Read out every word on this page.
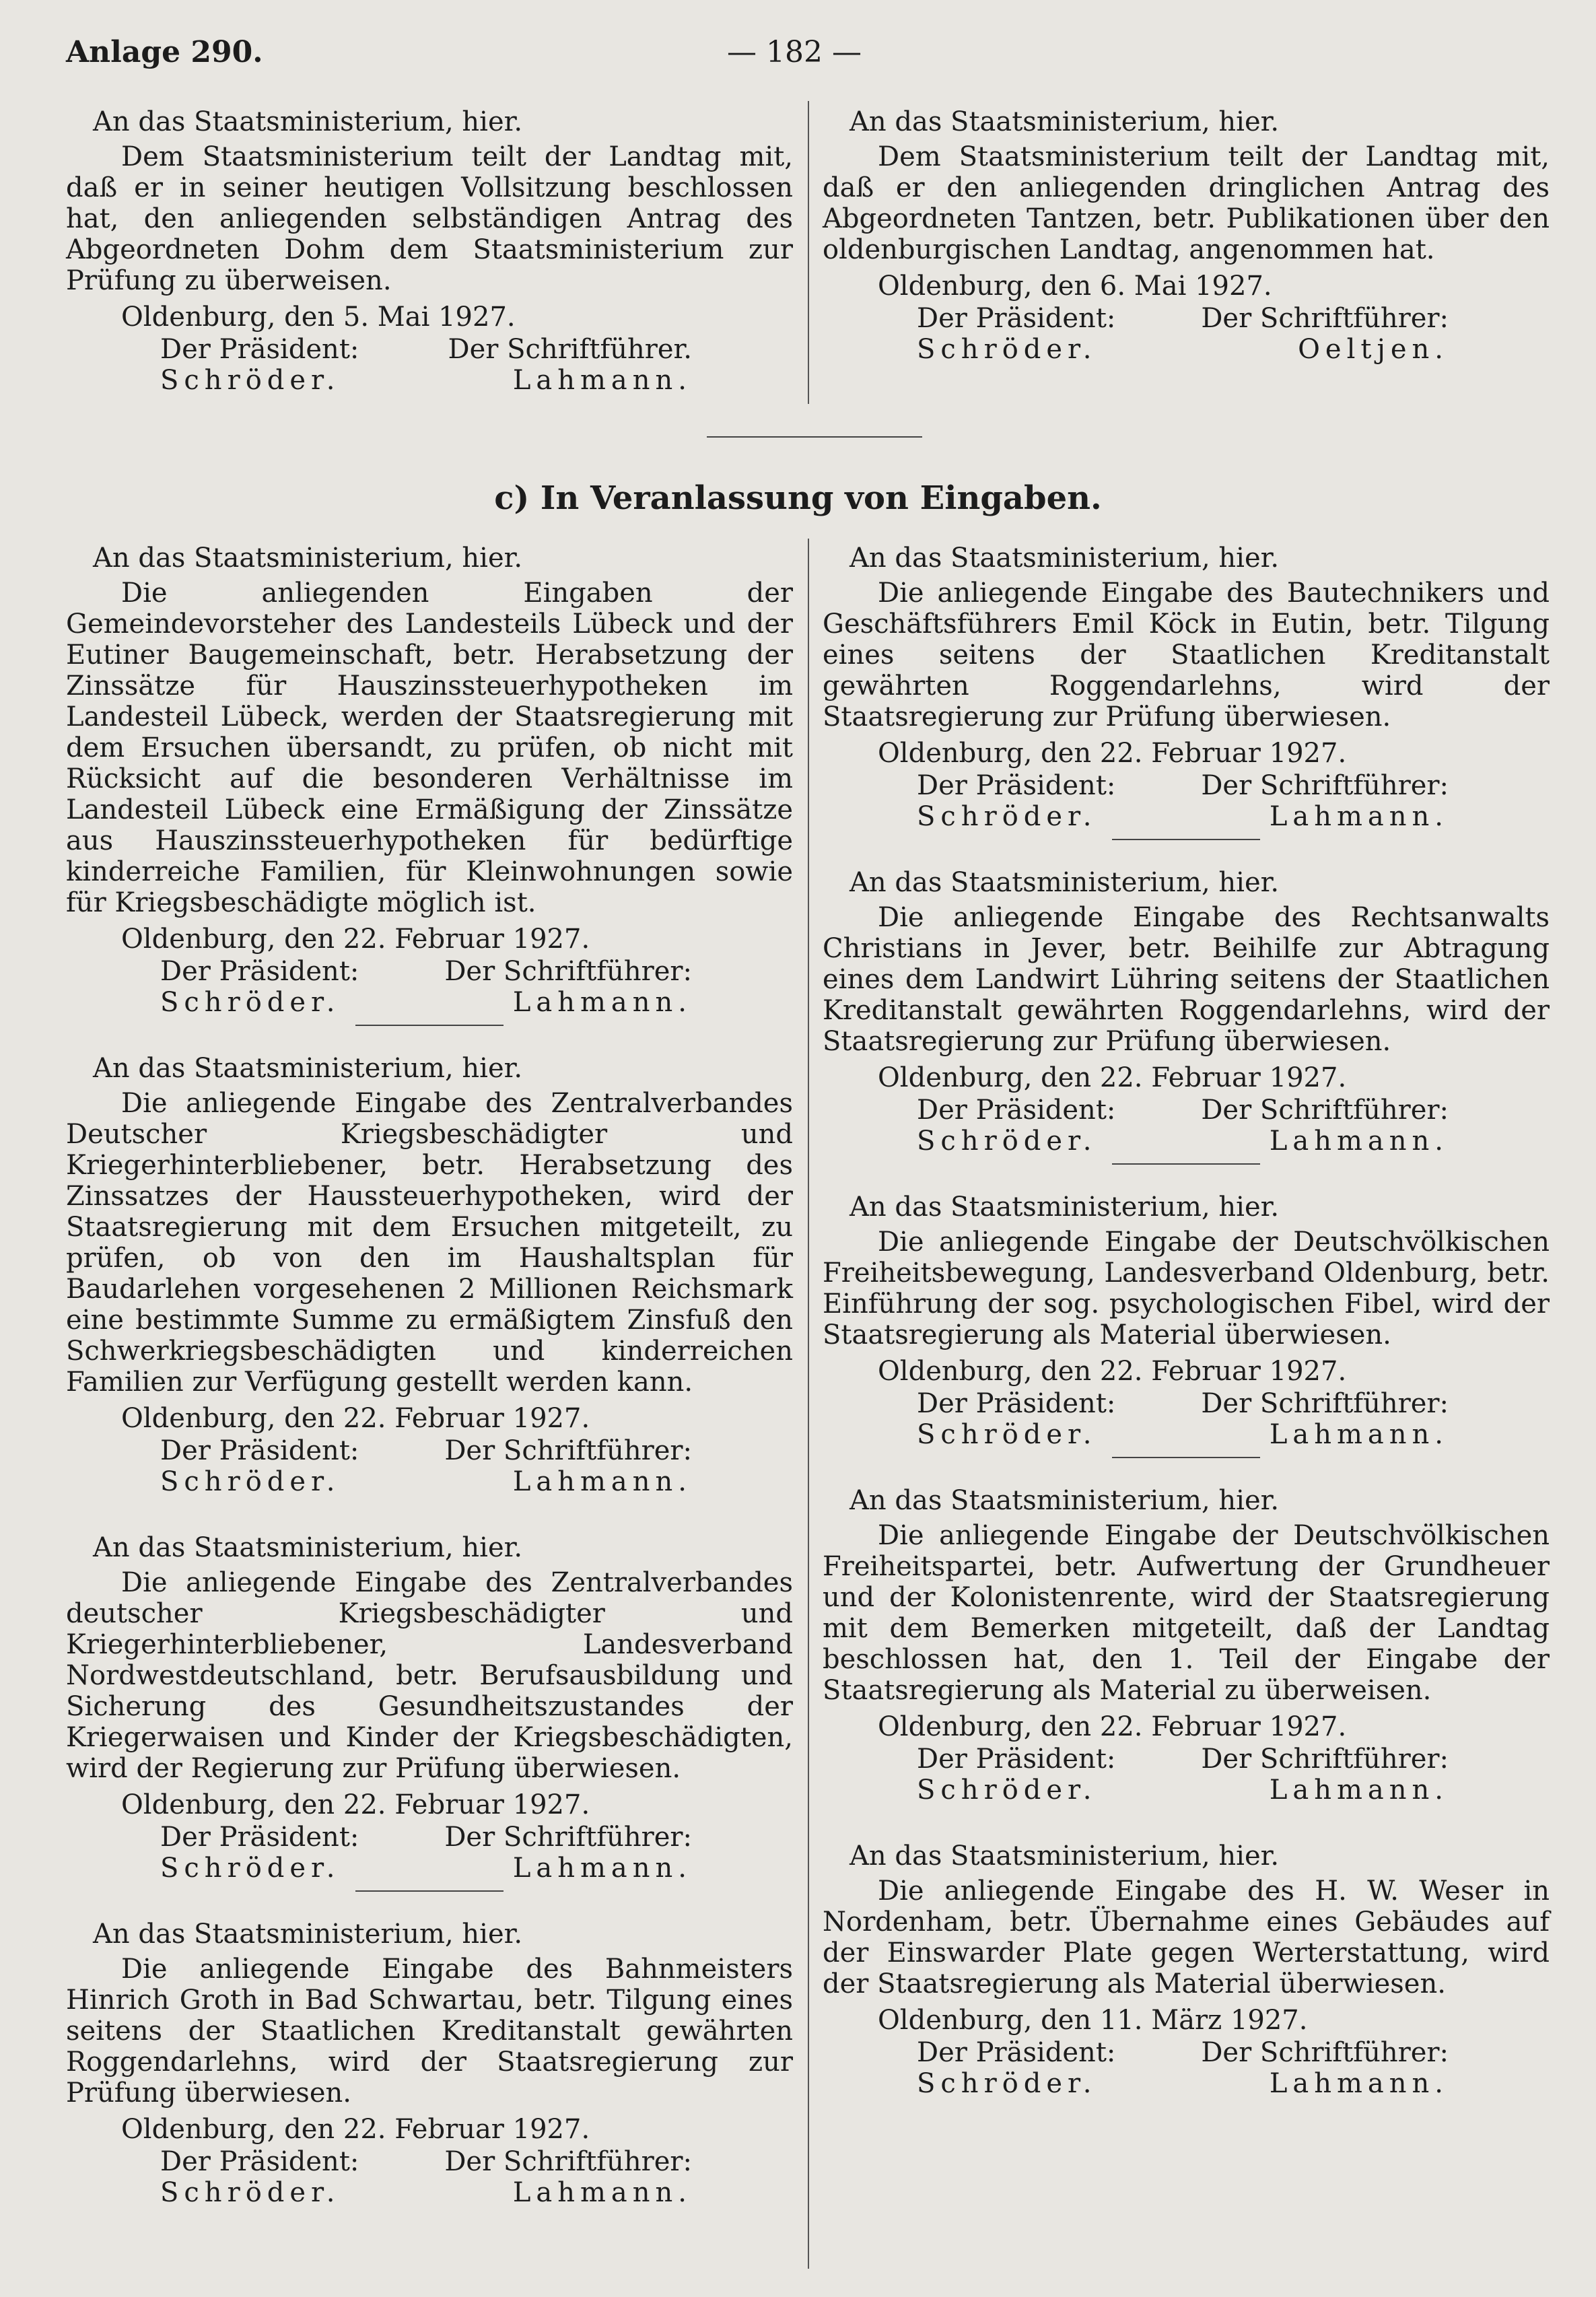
Anlage 290.	— 182 —

An das Staatsministerium, hier.

Dem Staatsministerium teilt der Landtag mit, daß er in seiner heutigen Vollsitzung beschlossen hat, den anliegenden selbständigen Antrag des Abgeordneten Dohm dem Staatsministerium zur Prüfung zu überweisen.

Oldenburg, den 5. Mai 1927.

Der Präsident:	Der Schriftführer.
Schröder.	Lahmann.

An das Staatsministerium, hier.

Dem Staatsministerium teilt der Landtag mit, daß er den anliegenden dringlichen Antrag des Abgeordneten Tantzen, betr. Publikationen über den oldenburgischen Landtag, angenommen hat.

Oldenburg, den 6. Mai 1927.

Der Präsident:	Der Schriftführer:
Schröder.	Oeltjen.
c) In Veranlassung von Eingaben.

An das Staatsministerium, hier.

Die anliegenden Eingaben der Gemeindevorsteher des Landesteils Lübeck und der Eutiner Baugemeinschaft, betr. Herabsetzung der Zinssätze für Hauszinssteuerhypotheken im Landesteil Lübeck, werden der Staatsregierung mit dem Ersuchen übersandt, zu prüfen, ob nicht mit Rücksicht auf die besonderen Verhältnisse im Landesteil Lübeck eine Ermäßigung der Zinssätze aus Hauszinssteuerhypotheken für bedürftige kinderreiche Familien, für Kleinwohnungen sowie für Kriegsbeschädigte möglich ist.

Oldenburg, den 22. Februar 1927.

Der Präsident:	Der Schriftführer:
Schröder.	Lahmann.

An das Staatsministerium, hier.

Die anliegende Eingabe des Zentralverbandes Deutscher Kriegsbeschädigter und Kriegerhinterbliebener, betr. Herabsetzung des Zinssatzes der Haussteuerhypotheken, wird der Staatsregierung mit dem Ersuchen mitgeteilt, zu prüfen, ob von den im Haushaltsplan für Baudarlehen vorgesehenen 2 Millionen Reichsmark eine bestimmte Summe zu ermäßigtem Zinsfuß den Schwerkriegsbeschädigten und kinderreichen Familien zur Verfügung gestellt werden kann.

Oldenburg, den 22. Februar 1927.

Der Präsident:	Der Schriftführer:
Schröder.	Lahmann.

An das Staatsministerium, hier.

Die anliegende Eingabe des Zentralverbandes deutscher Kriegsbeschädigter und Kriegerhinterbliebener, Landesverband Nordwestdeutschland, betr. Berufsausbildung und Sicherung des Gesundheitszustandes der Kriegerwaisen und Kinder der Kriegsbeschädigten, wird der Regierung zur Prüfung überwiesen.

Oldenburg, den 22. Februar 1927.

Der Präsident:	Der Schriftführer:
Schröder.	Lahmann.

An das Staatsministerium, hier.

Die anliegende Eingabe des Bahnmeisters Hinrich Groth in Bad Schwartau, betr. Tilgung eines seitens der Staatlichen Kreditanstalt gewährten Roggendarlehns, wird der Staatsregierung zur Prüfung überwiesen.

Oldenburg, den 22. Februar 1927.

Der Präsident:	Der Schriftführer:
Schröder.	Lahmann.

An das Staatsministerium, hier.

Die anliegende Eingabe des Bautechnikers und Geschäftsführers Emil Köck in Eutin, betr. Tilgung eines seitens der Staatlichen Kreditanstalt gewährten Roggendarlehns, wird der Staatsregierung zur Prüfung überwiesen.

Oldenburg, den 22. Februar 1927.

Der Präsident:	Der Schriftführer:
Schröder.	Lahmann.

An das Staatsministerium, hier.

Die anliegende Eingabe des Rechtsanwalts Christians in Jever, betr. Beihilfe zur Abtragung eines dem Landwirt Lühring seitens der Staatlichen Kreditanstalt gewährten Roggendarlehns, wird der Staatsregierung zur Prüfung überwiesen.

Oldenburg, den 22. Februar 1927.

Der Präsident:	Der Schriftführer:
Schröder.	Lahmann.

An das Staatsministerium, hier.

Die anliegende Eingabe der Deutschvölkischen Freiheitsbewegung, Landesverband Oldenburg, betr. Einführung der sog. psychologischen Fibel, wird der Staatsregierung als Material überwiesen.

Oldenburg, den 22. Februar 1927.

Der Präsident:	Der Schriftführer:
Schröder.	Lahmann.

An das Staatsministerium, hier.

Die anliegende Eingabe der Deutschvölkischen Freiheitspartei, betr. Aufwertung der Grundheuer und der Kolonistenrente, wird der Staatsregierung mit dem Bemerken mitgeteilt, daß der Landtag beschlossen hat, den 1. Teil der Eingabe der Staatsregierung als Material zu überweisen.

Oldenburg, den 22. Februar 1927.

Der Präsident:	Der Schriftführer:
Schröder.	Lahmann.

An das Staatsministerium, hier.

Die anliegende Eingabe des H. W. Weser in Nordenham, betr. Übernahme eines Gebäudes auf der Einswarder Plate gegen Werterstattung, wird der Staatsregierung als Material überwiesen.

Oldenburg, den 11. März 1927.

Der Präsident:	Der Schriftführer:
Schröder.	Lahmann.
